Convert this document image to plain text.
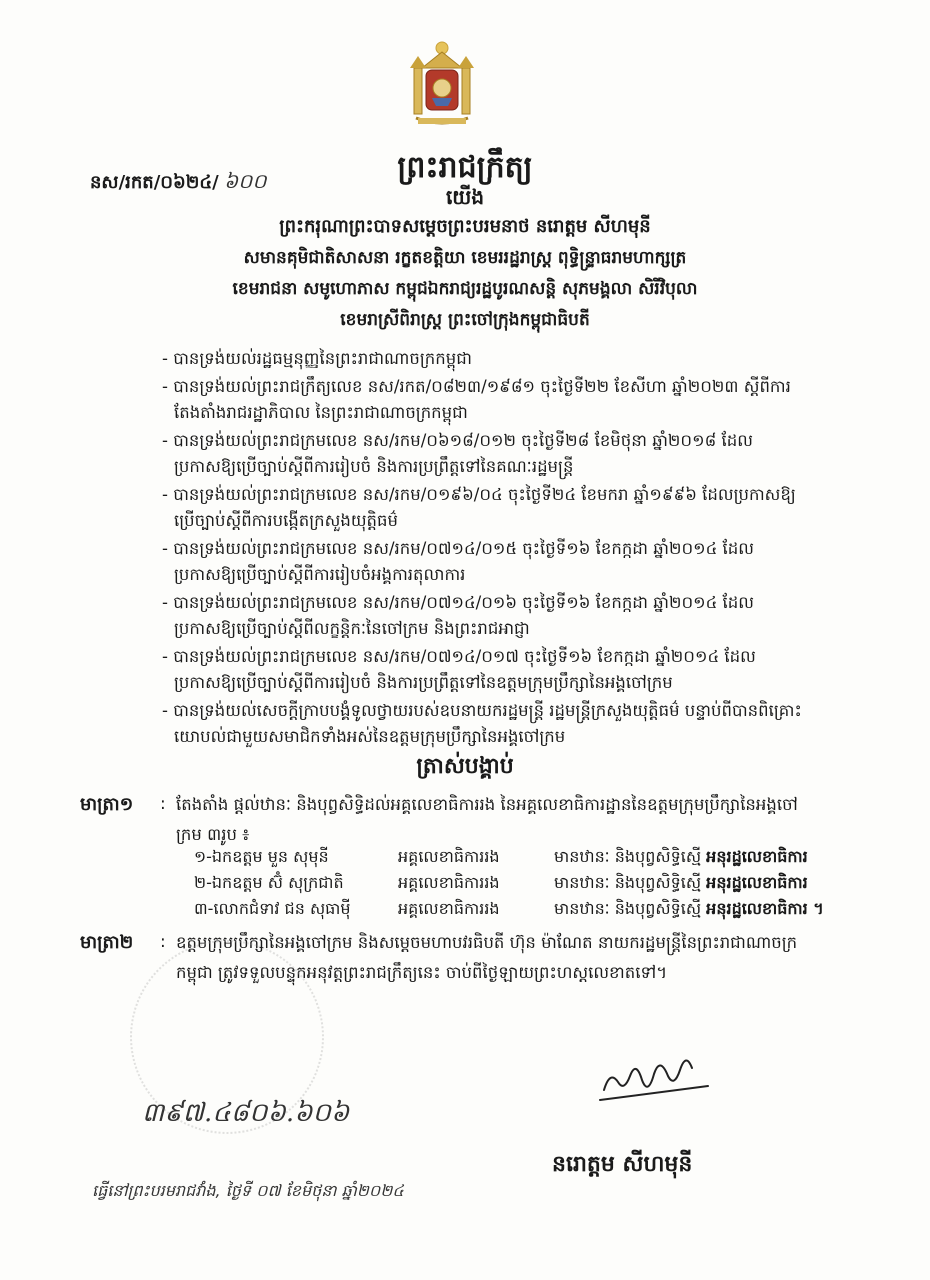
ព្រះរាជក្រឹត្យ
នស/រកត/០៦២៤/ ៦០០
យើង
ព្រះករុណាព្រះបាទសម្តេចព្រះបរមនាថ នរោត្តម សីហមុនី
សមានគុមិជាតិសាសនា រក្ខតខត្តិយា ខេមររដ្ឋរាស្ត្រ ពុទ្ធិន្ទ្រាធរាមហាក្សត្រ
ខេមរាជនា សមូហោភាស កម្ពុជឯករាជ្យរដ្ឋបូរណសន្តិ សុភមង្គលា សិរីវិបុលា
ខេមរាស្រីពិរាស្ត្រ ព្រះចៅក្រុងកម្ពុជាធិបតី
- បានទ្រង់យល់រដ្ឋធម្មនុញ្ញនៃព្រះរាជាណាចក្រកម្ពុជា
- បានទ្រង់យល់ព្រះរាជក្រឹត្យលេខ នស/រកត/០៨២៣/១៩៨១ ចុះថ្ងៃទី២២ ខែសីហា ឆ្នាំ២០២៣ ស្តីពីការតែងតាំងរាជរដ្ឋាភិបាល នៃព្រះរាជាណាចក្រកម្ពុជា
- បានទ្រង់យល់ព្រះរាជក្រមលេខ នស/រកម/០៦១៨/០១២ ចុះថ្ងៃទី២៨ ខែមិថុនា ឆ្នាំ២០១៨ ដែលប្រកាសឱ្យប្រើច្បាប់ស្តីពីការរៀបចំ និងការប្រព្រឹត្តទៅនៃគណៈរដ្ឋមន្ត្រី
- បានទ្រង់យល់ព្រះរាជក្រមលេខ នស/រកម/០១៩៦/០៤ ចុះថ្ងៃទី២៤ ខែមករា ឆ្នាំ១៩៩៦ ដែលប្រកាសឱ្យប្រើច្បាប់ស្តីពីការបង្កើតក្រសួងយុត្តិធម៌
- បានទ្រង់យល់ព្រះរាជក្រមលេខ នស/រកម/០៧១៤/០១៥ ចុះថ្ងៃទី១៦ ខែកក្កដា ឆ្នាំ២០១៤ ដែលប្រកាសឱ្យប្រើច្បាប់ស្តីពីការរៀបចំអង្គការតុលាការ
- បានទ្រង់យល់ព្រះរាជក្រមលេខ នស/រកម/០៧១៤/០១៦ ចុះថ្ងៃទី១៦ ខែកក្កដា ឆ្នាំ២០១៤ ដែលប្រកាសឱ្យប្រើច្បាប់ស្តីពីលក្ខន្តិកៈនៃចៅក្រម និងព្រះរាជអាជ្ញា
- បានទ្រង់យល់ព្រះរាជក្រមលេខ នស/រកម/០៧១៤/០១៧ ចុះថ្ងៃទី១៦ ខែកក្កដា ឆ្នាំ២០១៤ ដែលប្រកាសឱ្យប្រើច្បាប់ស្តីពីការរៀបចំ និងការប្រព្រឹត្តទៅនៃឧត្តមក្រុមប្រឹក្សានៃអង្គចៅក្រម
- បានទ្រង់យល់សេចក្តីក្រាបបង្គំទូលថ្វាយរបស់ឧបនាយករដ្ឋមន្ត្រី រដ្ឋមន្ត្រីក្រសួងយុត្តិធម៌ បន្ទាប់ពីបានពិគ្រោះយោបល់ជាមួយសមាជិកទាំងអស់នៃឧត្តមក្រុមប្រឹក្សានៃអង្គចៅក្រម
ត្រាស់បង្គាប់
មាត្រា១ : តែងតាំង ផ្តល់ឋានៈ និងបុព្វសិទ្ធិដល់អគ្គលេខាធិការរង នៃអគ្គលេខាធិការដ្ឋាននៃឧត្តមក្រុមប្រឹក្សានៃអង្គចៅក្រម ៣រូប ៖
១-ឯកឧត្តម មួន សុមុនី	អគ្គលេខាធិការរង	មានឋានៈ និងបុព្វសិទ្ធិស្មើ អនុរដ្ឋលេខាធិការ
២-ឯកឧត្តម ស៊ំ សុក្រជាតិ	អគ្គលេខាធិការរង	មានឋានៈ និងបុព្វសិទ្ធិស្មើ អនុរដ្ឋលេខាធិការ
៣-លោកជំទាវ ជន សុធាម៉ី	អគ្គលេខាធិការរង	មានឋានៈ និងបុព្វសិទ្ធិស្មើ អនុរដ្ឋលេខាធិការ ។
មាត្រា២ : ឧត្តមក្រុមប្រឹក្សានៃអង្គចៅក្រម និងសម្តេចមហាបវរធិបតី ហ៊ុន ម៉ាណែត នាយករដ្ឋមន្ត្រីនៃព្រះរាជាណាចក្រកម្ពុជា ត្រូវទទួលបន្ទុកអនុវត្តព្រះរាជក្រឹត្យនេះ ចាប់ពីថ្ងៃឡាយព្រះហស្តលេខាតទៅ។
៣៩៧.៤៨០៦.៦០៦
នរោត្តម សីហមុនី
ធ្វើនៅព្រះបរមរាជវាំង, ថ្ងៃទី ០៧ ខែមិថុនា ឆ្នាំ២០២៤
